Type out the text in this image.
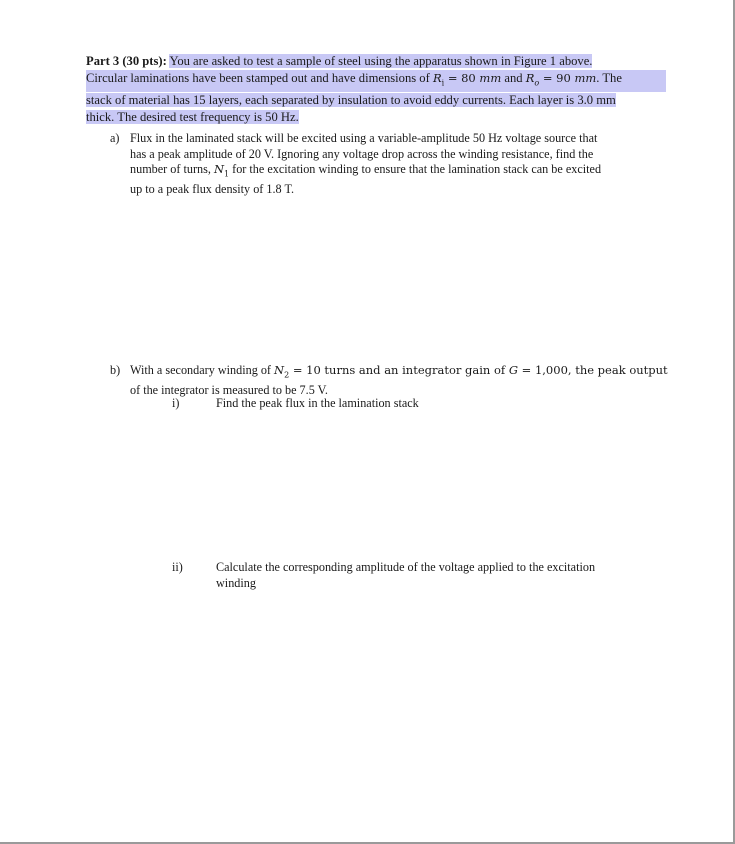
Part 3 (30 pts): You are asked to test a sample of steel using the apparatus shown in Figure 1 above.
Circular laminations have been stamped out and have dimensions of $R_i = 80$ mm and $R_o = 90$ mm. The
stack of material has 15 layers, each separated by insulation to avoid eddy currents. Each layer is 3.0 mm
thick. The desired test frequency is 50 Hz.
a) Flux in the laminated stack will be excited using a variable-amplitude 50 Hz voltage source that
has a peak amplitude of 20 V. Ignoring any voltage drop across the winding resistance, find the
number of turns, $N_1$ for the excitation winding to ensure that the lamination stack can be excited
up to a peak flux density of 1.8 T.
b) With a secondary winding of $N_2 = 10$ turns and an integrator gain of G = 1,000, the peak output
of the integrator is measured to be 7.5 V.
i)	Find the peak flux in the lamination stack
ii)	Calculate the corresponding amplitude of the voltage applied to the excitation
winding
